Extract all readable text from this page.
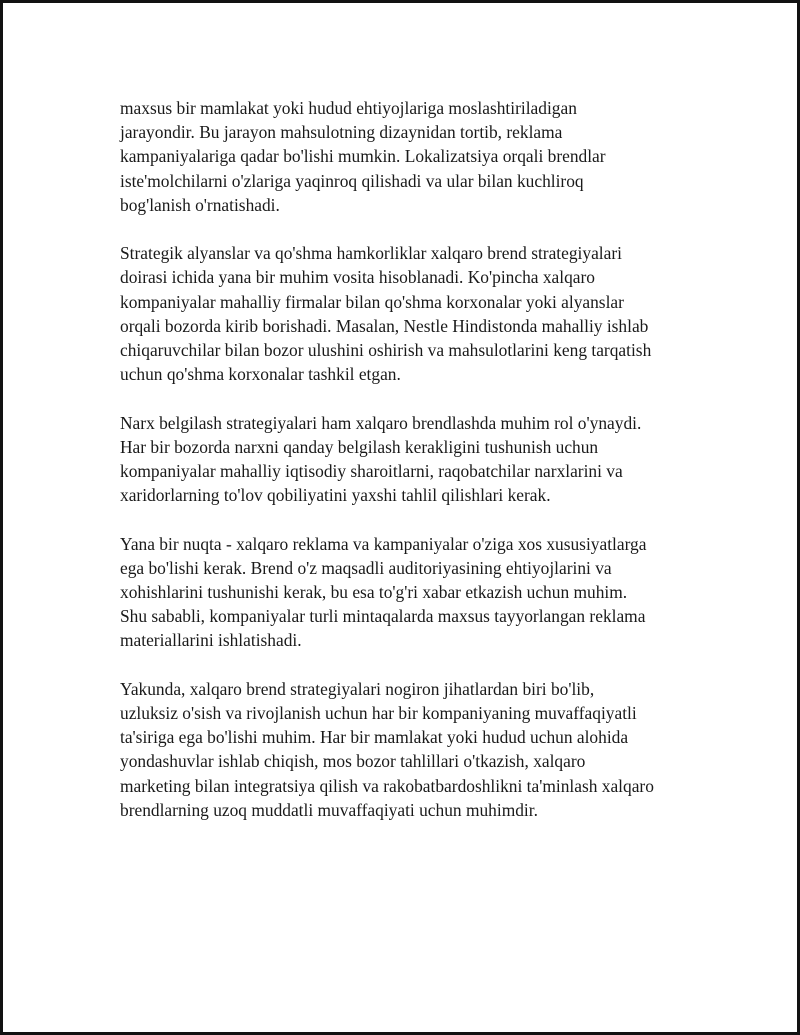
maxsus bir mamlakat yoki hudud ehtiyojlariga moslashtiriladigan
jarayondir. Bu jarayon mahsulotning dizaynidan tortib, reklama
kampaniyalariga qadar bo'lishi mumkin. Lokalizatsiya orqali brendlar
iste'molchilarni o'zlariga yaqinroq qilishadi va ular bilan kuchliroq
bog'lanish o'rnatishadi.

Strategik alyanslar va qo'shma hamkorliklar xalqaro brend strategiyalari
doirasi ichida yana bir muhim vosita hisoblanadi. Ko'pincha xalqaro
kompaniyalar mahalliy firmalar bilan qo'shma korxonalar yoki alyanslar
orqali bozorda kirib borishadi. Masalan, Nestle Hindistonda mahalliy ishlab
chiqaruvchilar bilan bozor ulushini oshirish va mahsulotlarini keng tarqatish
uchun qo'shma korxonalar tashkil etgan.

Narx belgilash strategiyalari ham xalqaro brendlashda muhim rol o'ynaydi.
Har bir bozorda narxni qanday belgilash kerakligini tushunish uchun
kompaniyalar mahalliy iqtisodiy sharoitlarni, raqobatchilar narxlarini va
xaridorlarning to'lov qobiliyatini yaxshi tahlil qilishlari kerak.

Yana bir nuqta - xalqaro reklama va kampaniyalar o'ziga xos xususiyatlarga
ega bo'lishi kerak. Brend o'z maqsadli auditoriyasining ehtiyojlarini va
xohishlarini tushunishi kerak, bu esa to'g'ri xabar etkazish uchun muhim.
Shu sababli, kompaniyalar turli mintaqalarda maxsus tayyorlangan reklama
materiallarini ishlatishadi.

Yakunda, xalqaro brend strategiyalari nogiron jihatlardan biri bo'lib,
uzluksiz o'sish va rivojlanish uchun har bir kompaniyaning muvaffaqiyatli
ta'siriga ega bo'lishi muhim. Har bir mamlakat yoki hudud uchun alohida
yondashuvlar ishlab chiqish, mos bozor tahlillari o'tkazish, xalqaro
marketing bilan integratsiya qilish va rakobatbardoshlikni ta'minlash xalqaro
brendlarning uzoq muddatli muvaffaqiyati uchun muhimdir.
